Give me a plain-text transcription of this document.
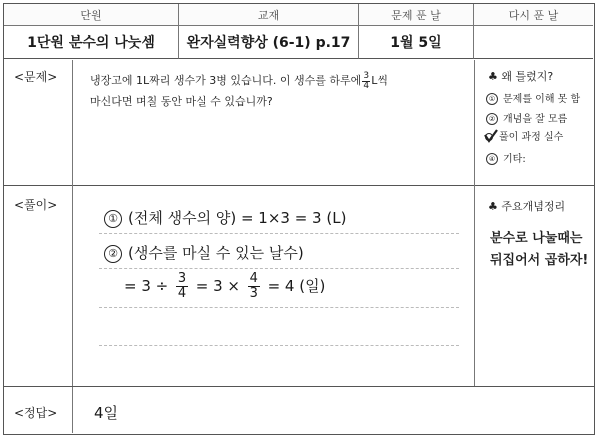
단원	교재	문제 푼 날	다시 푼 날
1단원 분수의 나눗셈	완자실력향상 (6-1) p.17	1월 5일
<문제>	냉장고에 1L짜리 생수가 3병 있습니다. 이 생수를 하루에 $\frac{3}{4}$ L씩
마신다면 며칠 동안 마실 수 있습니까?
♣ 왜 틀렸지?
① 문제를 이해 못 함
② 개념을 잘 모름
풀이 과정 실수
④ 기타:
<풀이>
① (전체 생수의 양) = 1×3 = 3 (L)
② (생수를 마실 수 있는 날수)
= $3 \div \frac{3}{4} = 3 \times \frac{4}{3} = 4$ (일)
♣ 주요개념정리
분수로 나눌때는
뒤집어서 곱하자!
<정답> 4일
